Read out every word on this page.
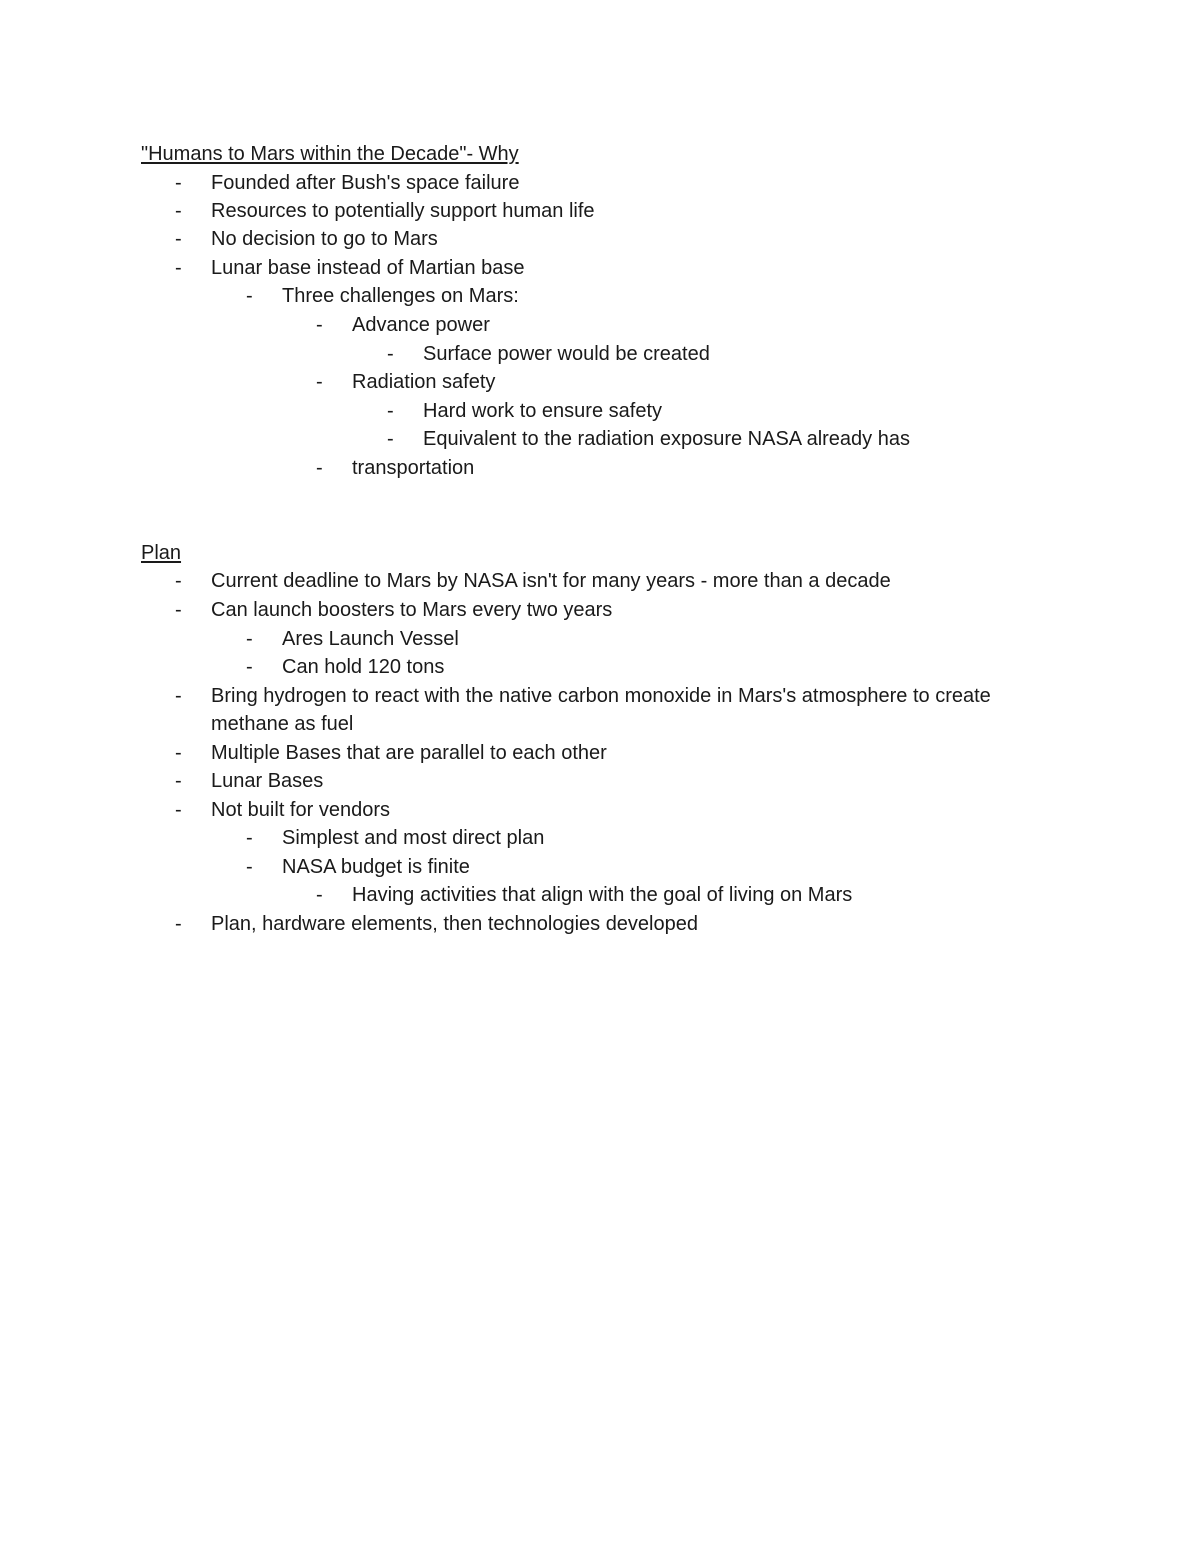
"Humans to Mars within the Decade"- Why
-	Founded after Bush's space failure
-	Resources to potentially support human life
-	No decision to go to Mars
-	Lunar base instead of Martian base
-	Three challenges on Mars:
-	Advance power
-	Surface power would be created
-	Radiation safety
-	Hard work to ensure safety
-	Equivalent to the radiation exposure NASA already has
-	transportation
Plan
-	Current deadline to Mars by NASA isn't for many years - more than a decade
-	Can launch boosters to Mars every two years
-	Ares Launch Vessel
-	Can hold 120 tons
-	Bring hydrogen to react with the native carbon monoxide in Mars's atmosphere to create
methane as fuel
-	Multiple Bases that are parallel to each other
-	Lunar Bases
-	Not built for vendors
-	Simplest and most direct plan
-	NASA budget is finite
-	Having activities that align with the goal of living on Mars
-	Plan, hardware elements, then technologies developed
